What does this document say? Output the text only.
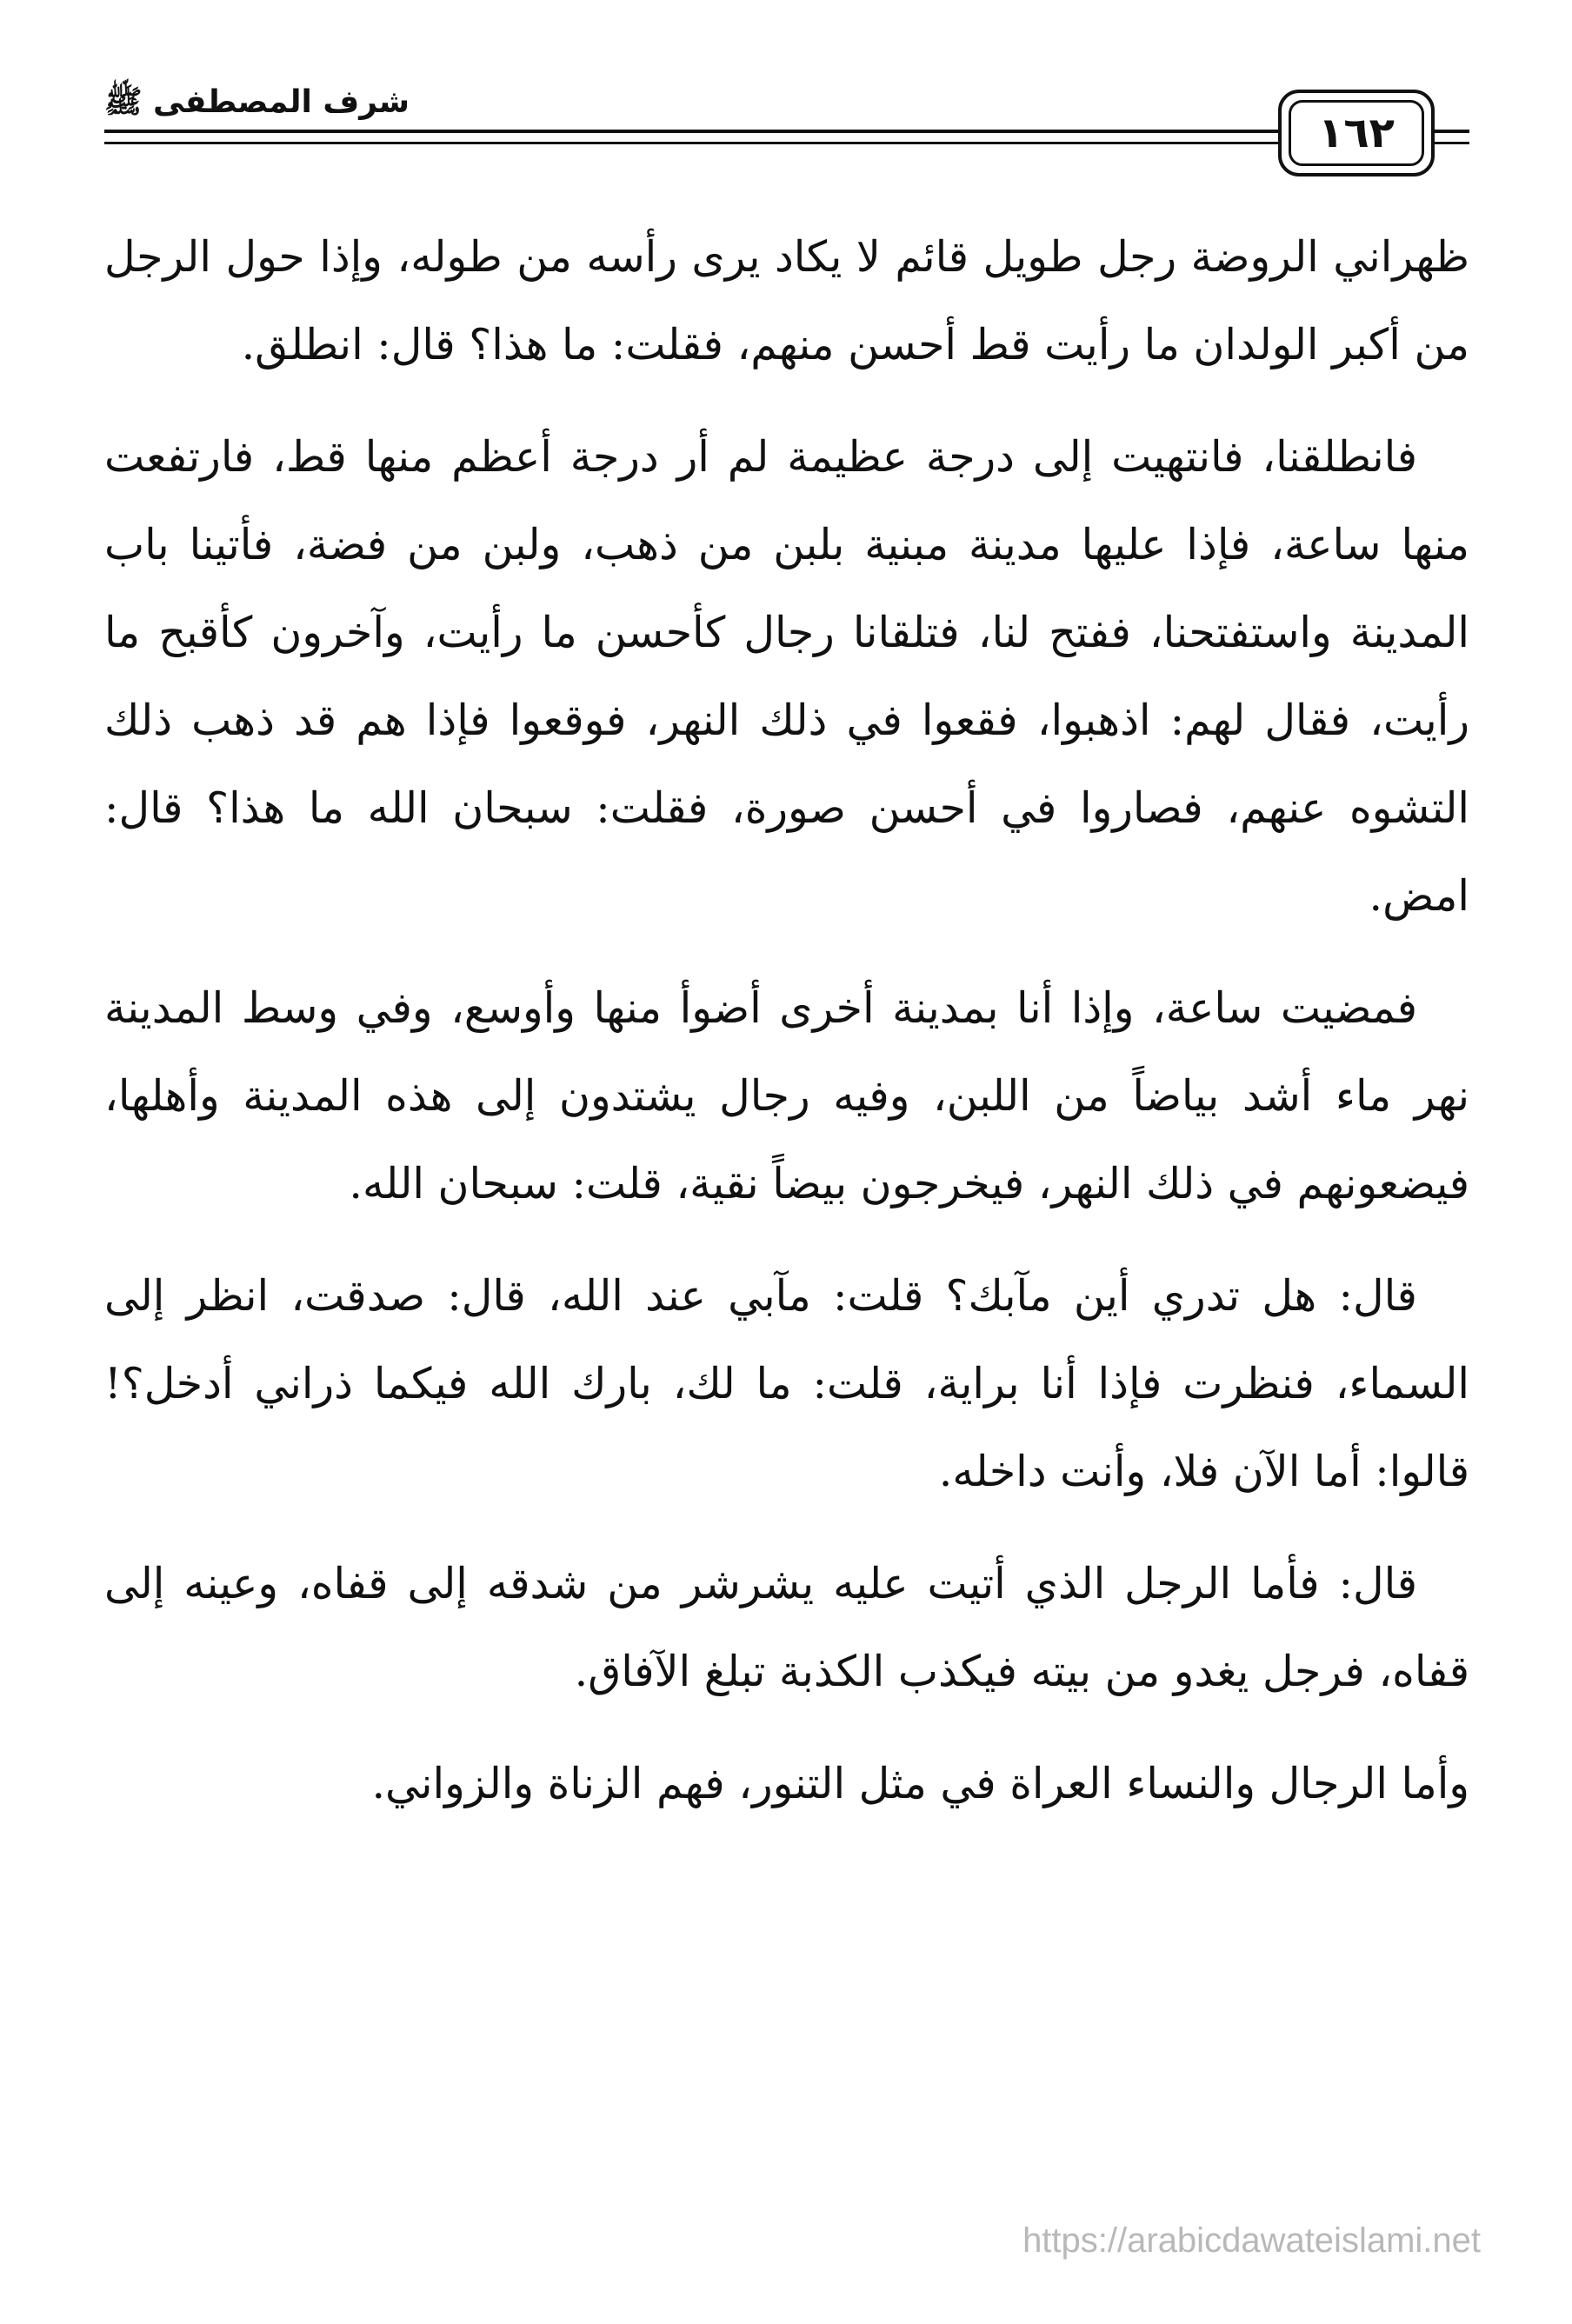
شرف المصطفى ﷺ
١٦٢

ظهراني الروضة رجل طويل قائم لا يكاد يرى رأسه من طوله، وإذا حول الرجل من أكبر الولدان ما رأيت قط أحسن منهم، فقلت: ما هذا؟ قال: انطلق.

فانطلقنا، فانتهيت إلى درجة عظيمة لم أر درجة أعظم منها قط، فارتفعت منها ساعة، فإذا عليها مدينة مبنية بلبن من ذهب، ولبن من فضة، فأتينا باب المدينة واستفتحنا، ففتح لنا، فتلقانا رجال كأحسن ما رأيت، وآخرون كأقبح ما رأيت، فقال لهم: اذهبوا، فقعوا في ذلك النهر، فوقعوا فإذا هم قد ذهب ذلك التشوه عنهم، فصاروا في أحسن صورة، فقلت: سبحان الله ما هذا؟ قال: امض.

فمضيت ساعة، وإذا أنا بمدينة أخرى أضوأ منها وأوسع، وفي وسط المدينة نهر ماء أشد بياضاً من اللبن، وفيه رجال يشتدون إلى هذه المدينة وأهلها، فيضعونهم في ذلك النهر، فيخرجون بيضاً نقية، قلت: سبحان الله.

قال: هل تدري أين مآبك؟ قلت: مآبي عند الله، قال: صدقت، انظر إلى السماء، فنظرت فإذا أنا براية، قلت: ما لك، بارك الله فيكما ذراني أدخل؟! قالوا: أما الآن فلا، وأنت داخله.

قال: فأما الرجل الذي أتيت عليه يشرشر من شدقه إلى قفاه، وعينه إلى قفاه، فرجل يغدو من بيته فيكذب الكذبة تبلغ الآفاق.

وأما الرجال والنساء العراة في مثل التنور، فهم الزناة والزواني.

https://arabicdawateislami.net
